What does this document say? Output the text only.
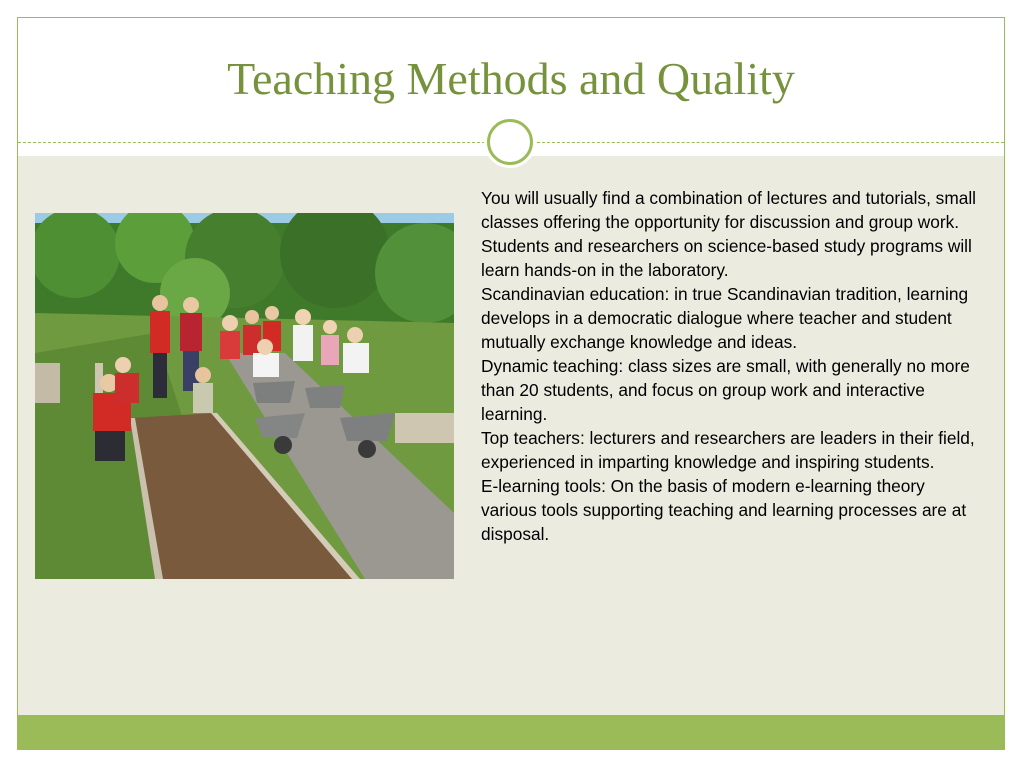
Teaching Methods and Quality

You will usually find a combination of lectures and tutorials, small classes offering the opportunity for discussion and group work.

Students and researchers on science-based study programs will learn hands-on in the laboratory.

Scandinavian education: in true Scandinavian tradition, learning develops in a democratic dialogue where teacher and student mutually exchange knowledge and ideas.

Dynamic teaching: class sizes are small, with generally no more than 20 students, and focus on group work and interactive learning.

Top teachers: lecturers and researchers are leaders in their field, experienced in imparting knowledge and inspiring students.

E-learning tools: On the basis of modern e-learning theory various tools supporting teaching and learning processes are at disposal.
